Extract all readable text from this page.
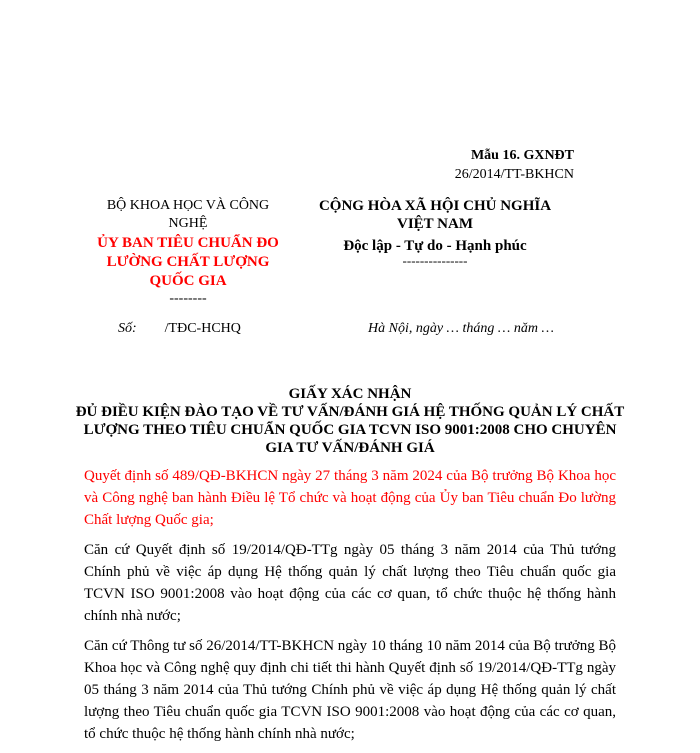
Mẫu 16. GXNĐT
26/2014/TT-BKHCN
BỘ KHOA HỌC VÀ CÔNG NGHỆ
ỦY BAN TIÊU CHUẨN ĐO LƯỜNG CHẤT LƯỢNG QUỐC GIA
--------
CỘNG HÒA XÃ HỘI CHỦ NGHĨA VIỆT NAM
Độc lập - Tự do - Hạnh phúc
---------------
Số: /TĐC-HCHQ	Hà Nội, ngày … tháng … năm …
GIẤY XÁC NHẬN
ĐỦ ĐIỀU KIỆN ĐÀO TẠO VỀ TƯ VẤN/ĐÁNH GIÁ HỆ THỐNG QUẢN LÝ CHẤT LƯỢNG THEO TIÊU CHUẨN QUỐC GIA TCVN ISO 9001:2008 CHO CHUYÊN GIA TƯ VẤN/ĐÁNH GIÁ

Quyết định số 489/QĐ-BKHCN ngày 27 tháng 3 năm 2024 của Bộ trưởng Bộ Khoa học và Công nghệ ban hành Điều lệ Tổ chức và hoạt động của Ủy ban Tiêu chuẩn Đo lường Chất lượng Quốc gia;

Căn cứ Quyết định số 19/2014/QĐ-TTg ngày 05 tháng 3 năm 2014 của Thủ tướng Chính phủ về việc áp dụng Hệ thống quản lý chất lượng theo Tiêu chuẩn quốc gia TCVN ISO 9001:2008 vào hoạt động của các cơ quan, tổ chức thuộc hệ thống hành chính nhà nước;

Căn cứ Thông tư số 26/2014/TT-BKHCN ngày 10 tháng 10 năm 2014 của Bộ trưởng Bộ Khoa học và Công nghệ quy định chi tiết thi hành Quyết định số 19/2014/QĐ-TTg ngày 05 tháng 3 năm 2014 của Thủ tướng Chính phủ về việc áp dụng Hệ thống quản lý chất lượng theo Tiêu chuẩn quốc gia TCVN ISO 9001:2008 vào hoạt động của các cơ quan, tổ chức thuộc hệ thống hành chính nhà nước;
